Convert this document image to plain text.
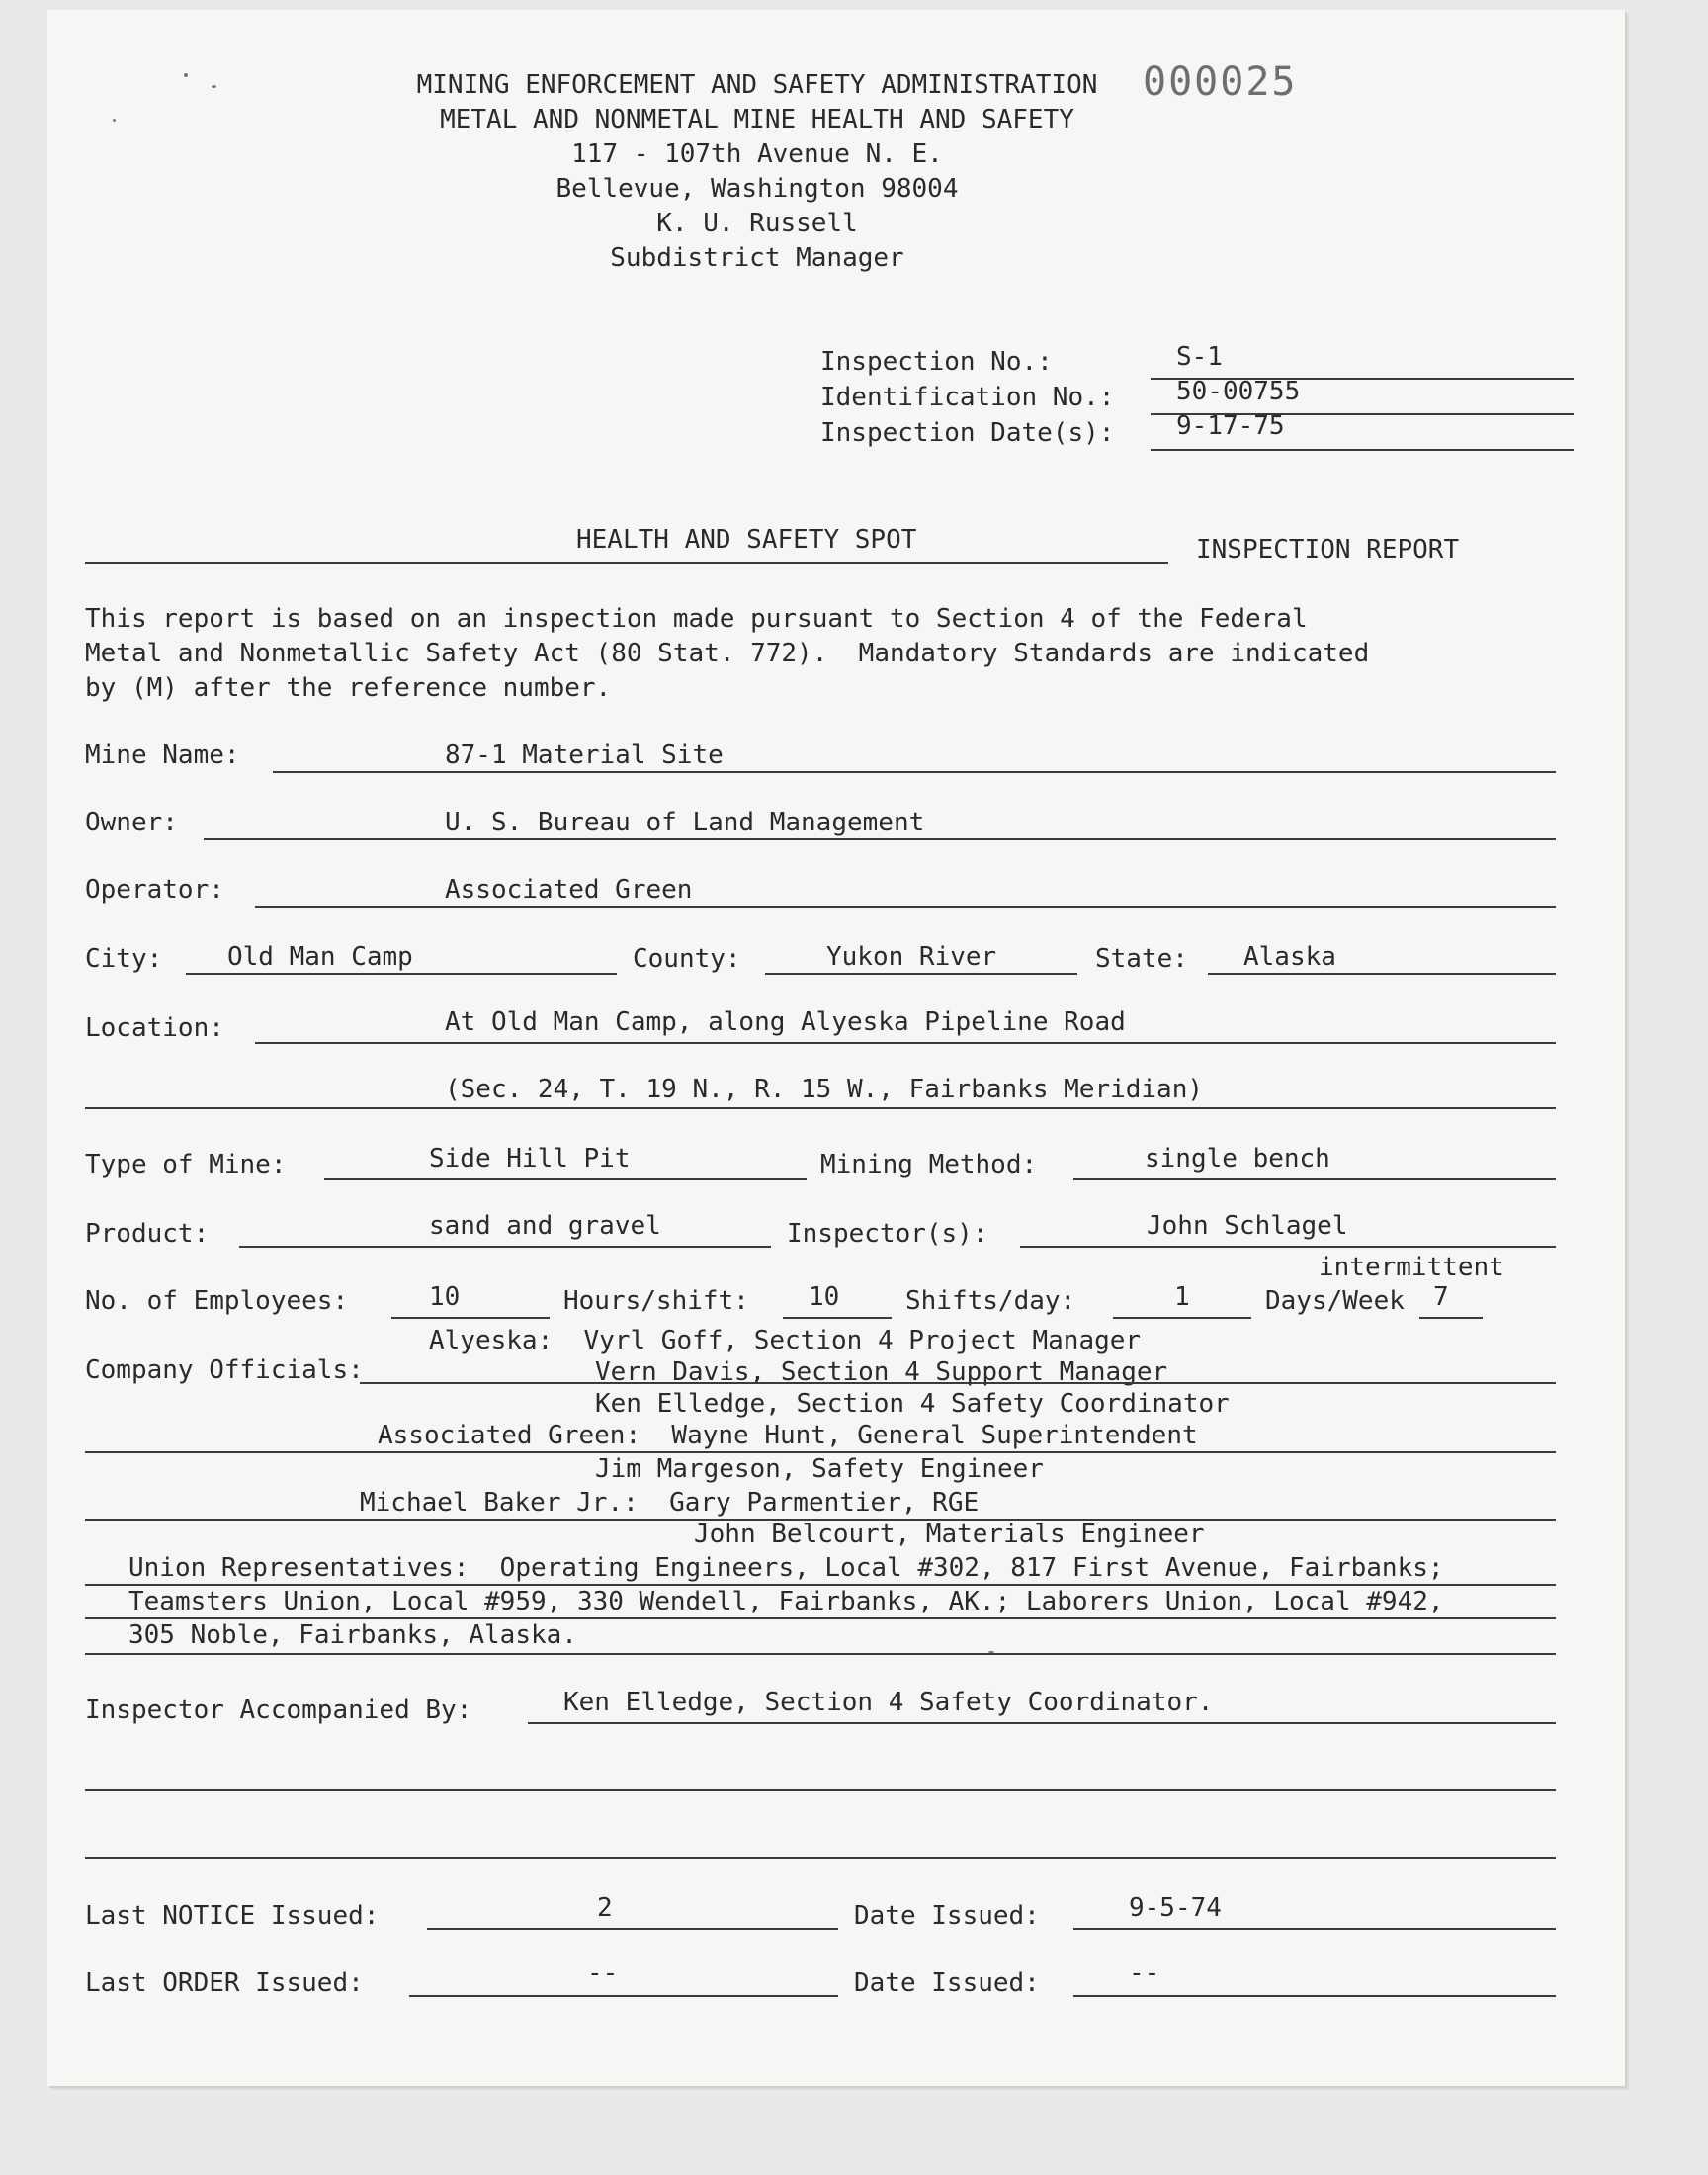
000025
MINING ENFORCEMENT AND SAFETY ADMINISTRATION
METAL AND NONMETAL MINE HEALTH AND SAFETY
117 - 107th Avenue N. E.
Bellevue, Washington 98004
K. U. Russell
Subdistrict Manager
Inspection No.:	S-1
Identification No.: 50-00755
Inspection Date(s): 9-17-75
HEALTH AND SAFETY SPOT	INSPECTION REPORT
This report is based on an inspection made pursuant to Section 4 of the Federal
Metal and Nonmetallic Safety Act (80 Stat. 772).  Mandatory Standards are indicated
by (M) after the reference number.
Mine Name:	87-1 Material Site
Owner:	U. S. Bureau of Land Management
Operator:	Associated Green
City:	Old Man Camp	County:	Yukon River	State: Alaska
Location:	At Old Man Camp, along Alyeska Pipeline Road
(Sec. 24, T. 19 N., R. 15 W., Fairbanks Meridian)
Type of Mine:	Side Hill Pit	Mining Method:	single bench
Product:	sand and gravel	Inspector(s):	John Schlagel
intermittent
No. of Employees:	10	Hours/shift: 10	Shifts/day:	1	Days/Week 7
Alyeska:  Vyrl Goff, Section 4 Project Manager
Company Officials:	Vern Davis, Section 4 Support Manager
Ken Elledge, Section 4 Safety Coordinator
Associated Green:  Wayne Hunt, General Superintendent
Jim Margeson, Safety Engineer
Michael Baker Jr.:  Gary Parmentier, RGE
John Belcourt, Materials Engineer
Union Representatives:  Operating Engineers, Local #302, 817 First Avenue, Fairbanks;
Teamsters Union, Local #959, 330 Wendell, Fairbanks, AK.; Laborers Union, Local #942,
305 Noble, Fairbanks, Alaska.
Inspector Accompanied By:	Ken Elledge, Section 4 Safety Coordinator.
Last NOTICE Issued:	2	Date Issued:	9-5-74
Last ORDER Issued:	--	Date Issued:	--
